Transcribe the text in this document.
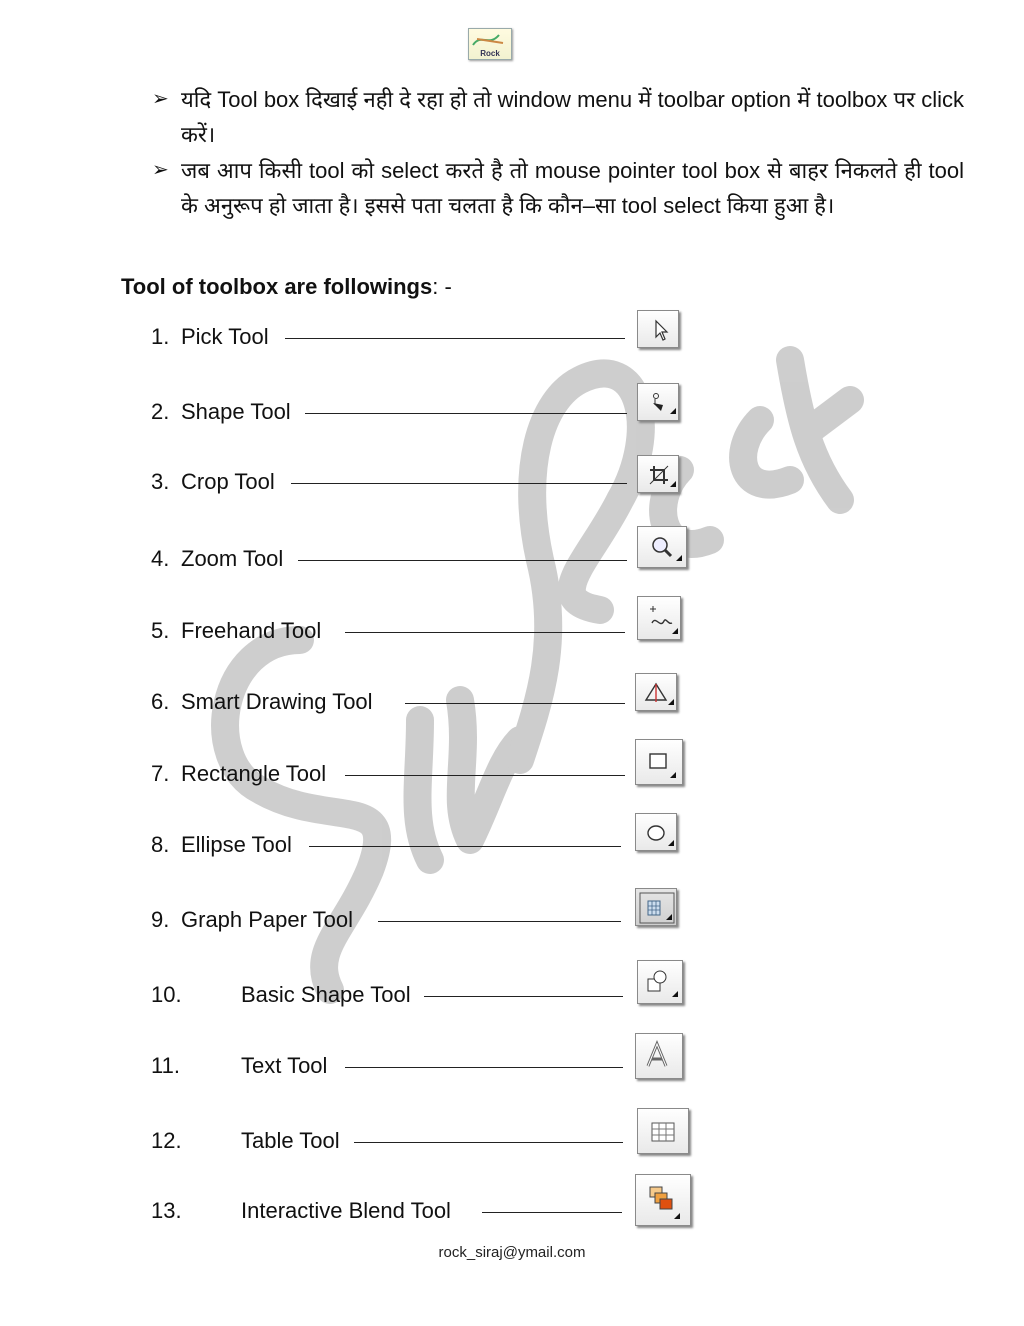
Rock
➢ यदि Tool box दिखाई नही दे रहा हो तो window menu में toolbar option में toolbox पर click करें।
➢ जब आप किसी tool को select करते है तो mouse pointer tool box से बाहर निकलते ही tool के अनुरूप हो जाता है। इससे पता चलता है कि कौन–सा tool select किया हुआ है।
Tool of toolbox are followings: -
1. Pick Tool
2. Shape Tool
3. Crop Tool
4. Zoom Tool
5. Freehand Tool
6. Smart Drawing Tool
7. Rectangle Tool
8. Ellipse Tool
9. Graph Paper Tool
10.	Basic Shape Tool
11.	Text Tool
12.	Table Tool
13.	Interactive Blend Tool
rock_siraj@ymail.com
